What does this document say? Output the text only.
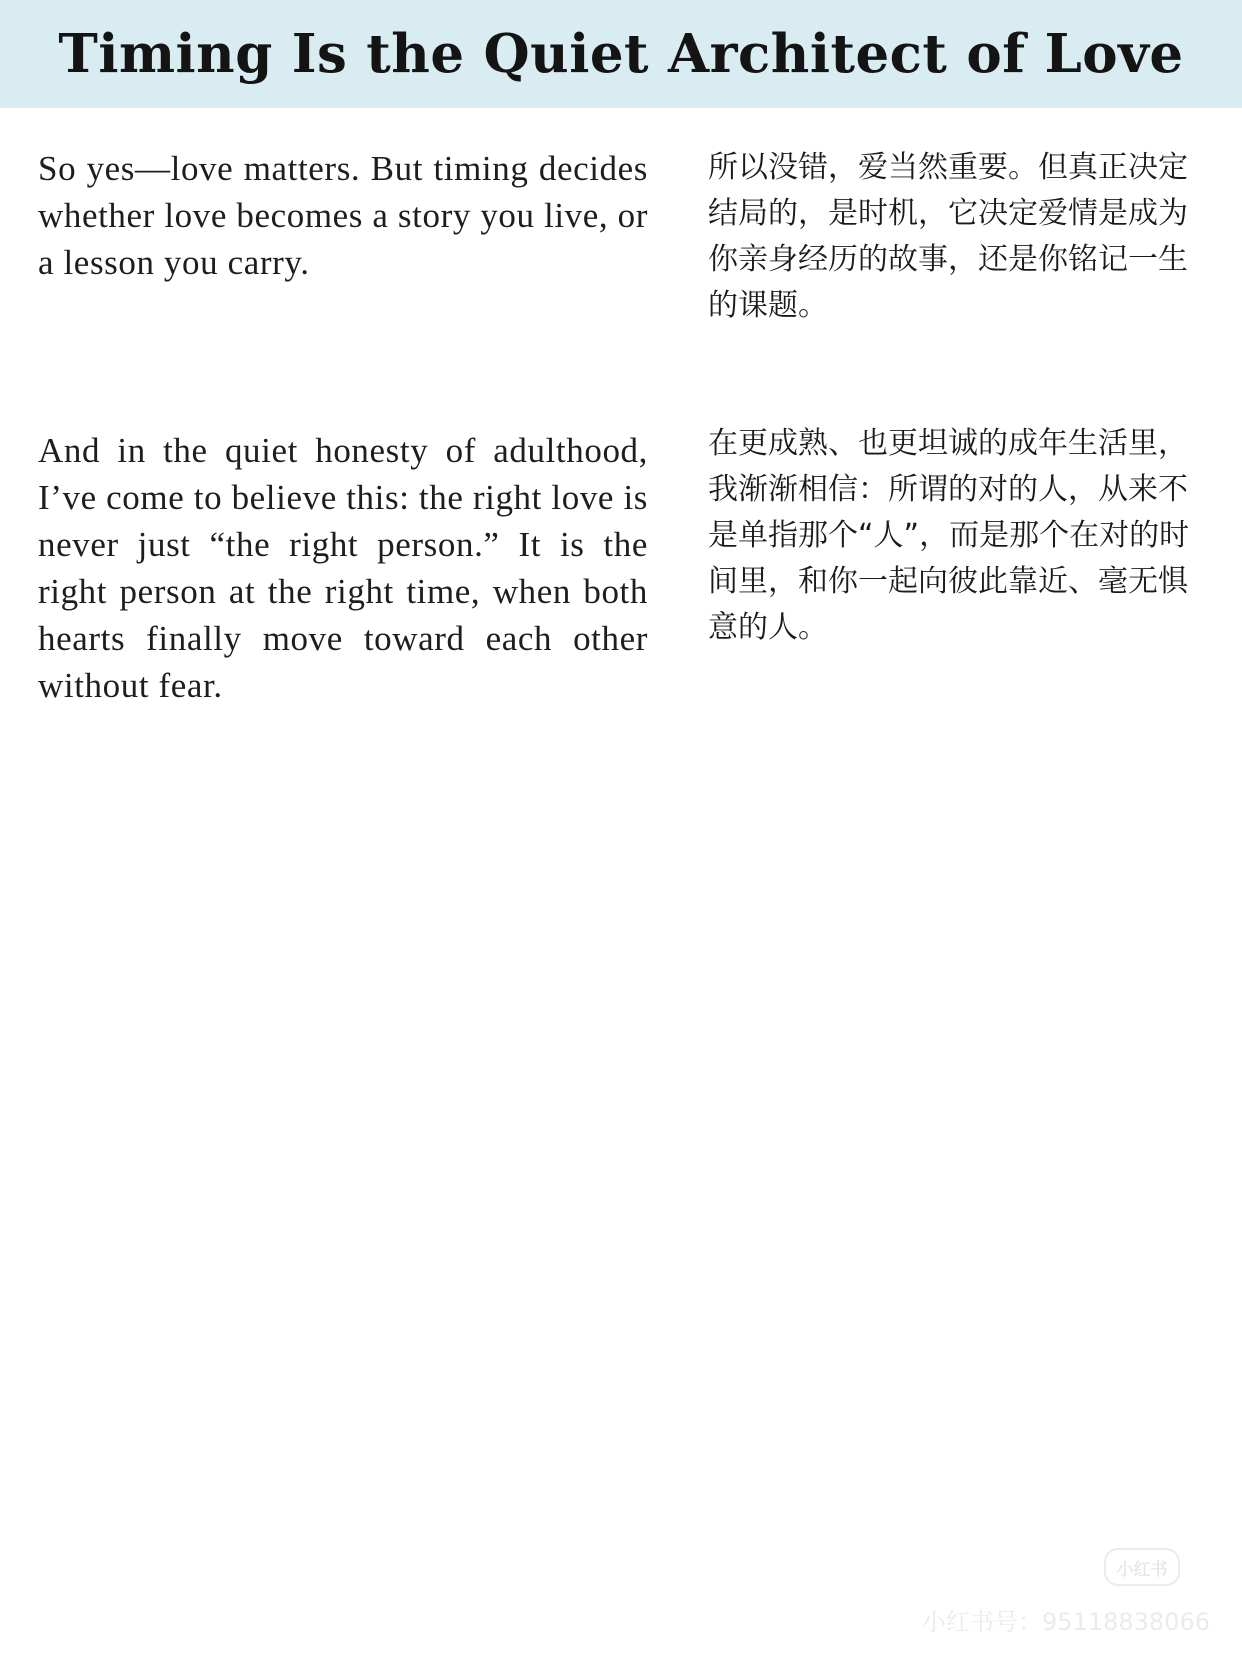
Timing Is the Quiet Architect of Love

So yes—love matters. But timing decides whether love becomes a story you live, or a lesson you carry.

所以没错，爱当然重要。但真正决定结局的，是时机，它决定爱情是成为你亲身经历的故事，还是你铭记一生的课题。

And in the quiet honesty of adulthood, I’ve come to believe this: the right love is never just “the right person.” It is the right person at the right time, when both hearts finally move toward each other without fear.

在更成熟、也更坦诚的成年生活里，我渐渐相信：所谓的对的人，从来不是单指那个“人”，而是那个在对的时间里，和你一起向彼此靠近、毫无惧意的人。

小红书
小红书号：95118838066
